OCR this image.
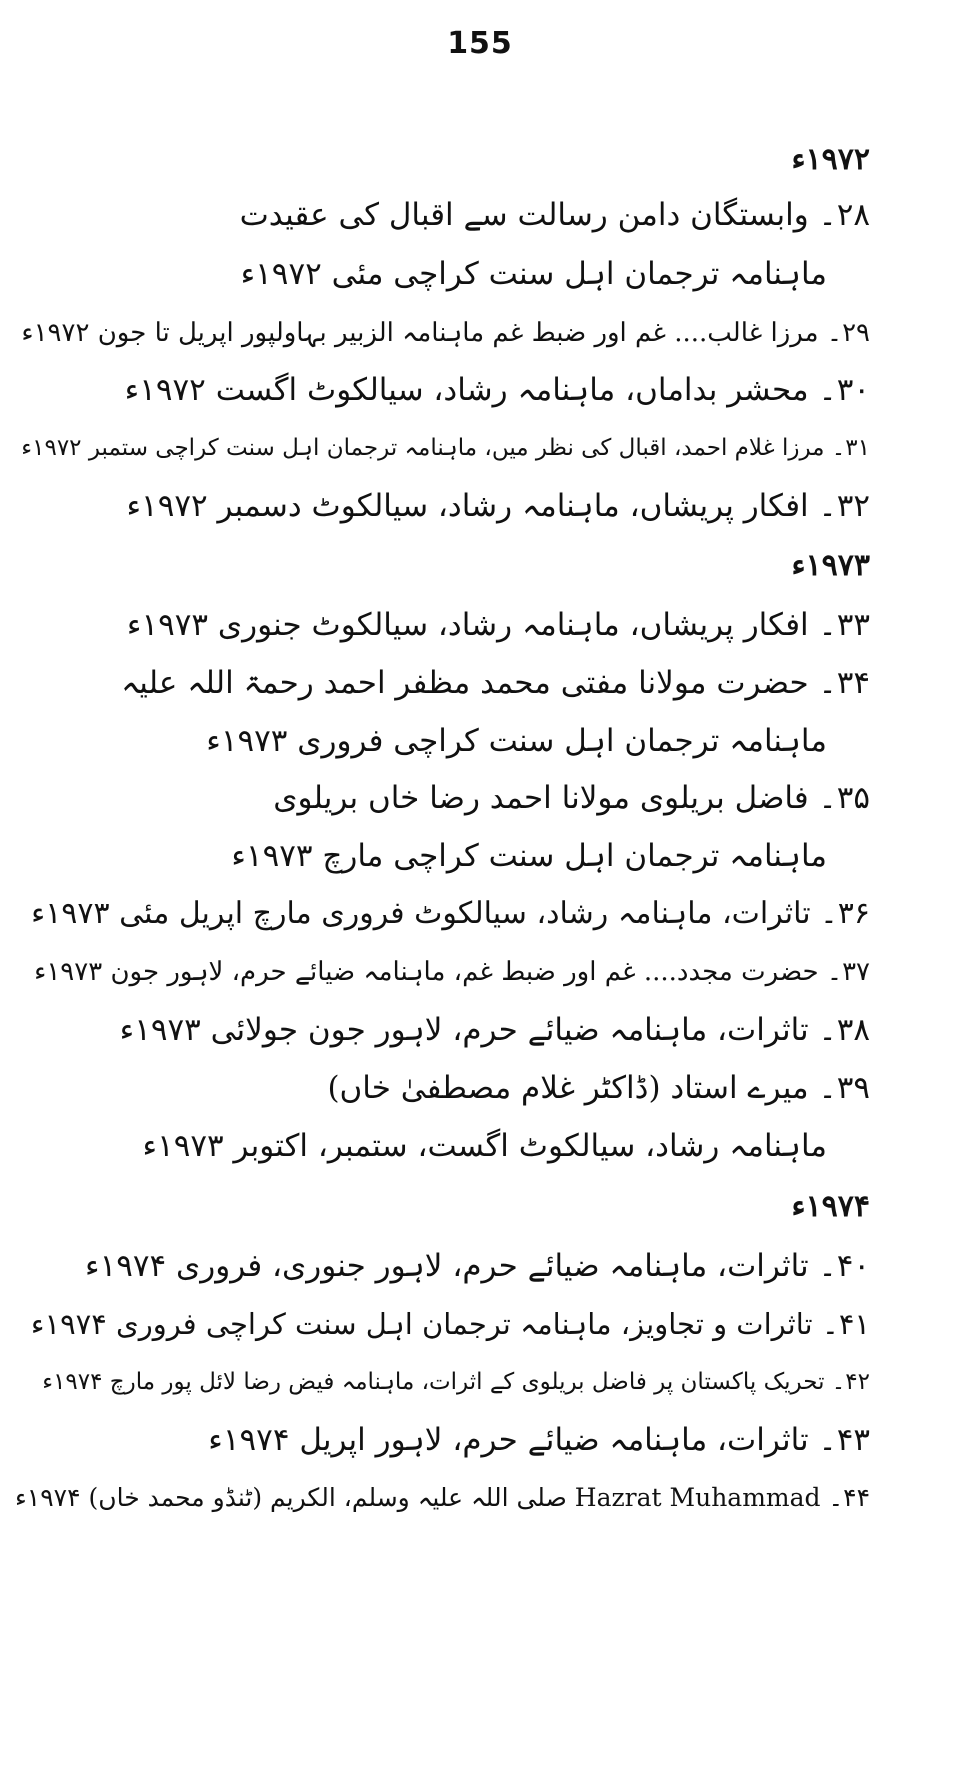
155
۱۹۷۲ء
۲۸۔ وابستگان دامن رسالت سے اقبال کی عقیدت
ماہنامہ ترجمان اہل سنت کراچی مئی ۱۹۷۲ء
۲۹۔ مرزا غالب.... غم اور ضبط غم ماہنامہ الزبیر بہاولپور اپریل تا جون ۱۹۷۲ء
۳۰۔ محشر بداماں، ماہنامہ رشاد، سیالکوٹ اگست ۱۹۷۲ء
۳۱۔ مرزا غلام احمد، اقبال کی نظر میں، ماہنامہ ترجمان اہل سنت کراچی ستمبر ۱۹۷۲ء
۳۲۔ افکار پریشاں، ماہنامہ رشاد، سیالکوٹ دسمبر ۱۹۷۲ء
۱۹۷۳ء
۳۳۔ افکار پریشاں، ماہنامہ رشاد، سیالکوٹ جنوری ۱۹۷۳ء
۳۴۔ حضرت مولانا مفتی محمد مظفر احمد رحمۃ اللہ علیہ
ماہنامہ ترجمان اہل سنت کراچی فروری ۱۹۷۳ء
۳۵۔ فاضل بریلوی مولانا احمد رضا خاں بریلوی
ماہنامہ ترجمان اہل سنت کراچی مارچ ۱۹۷۳ء
۳۶۔ تاثرات، ماہنامہ رشاد، سیالکوٹ فروری مارچ اپریل مئی ۱۹۷۳ء
۳۷۔ حضرت مجدد.... غم اور ضبط غم، ماہنامہ ضیائے حرم، لاہور جون ۱۹۷۳ء
۳۸۔ تاثرات، ماہنامہ ضیائے حرم، لاہور جون جولائی ۱۹۷۳ء
۳۹۔ میرے استاد (ڈاکٹر غلام مصطفیٰ خاں)
ماہنامہ رشاد، سیالکوٹ اگست، ستمبر، اکتوبر ۱۹۷۳ء
۱۹۷۴ء
۴۰۔ تاثرات، ماہنامہ ضیائے حرم، لاہور جنوری، فروری ۱۹۷۴ء
۴۱۔ تاثرات و تجاویز، ماہنامہ ترجمان اہل سنت کراچی فروری ۱۹۷۴ء
۴۲۔ تحریک پاکستان پر فاضل بریلوی کے اثرات، ماہنامہ فیض رضا لائل پور مارچ ۱۹۷۴ء
۴۳۔ تاثرات، ماہنامہ ضیائے حرم، لاہور اپریل ۱۹۷۴ء
۴۴۔ Hazrat Muhammad صلی اللہ علیہ وسلم، الکریم (ٹنڈو محمد خاں) ۱۹۷۴ء
